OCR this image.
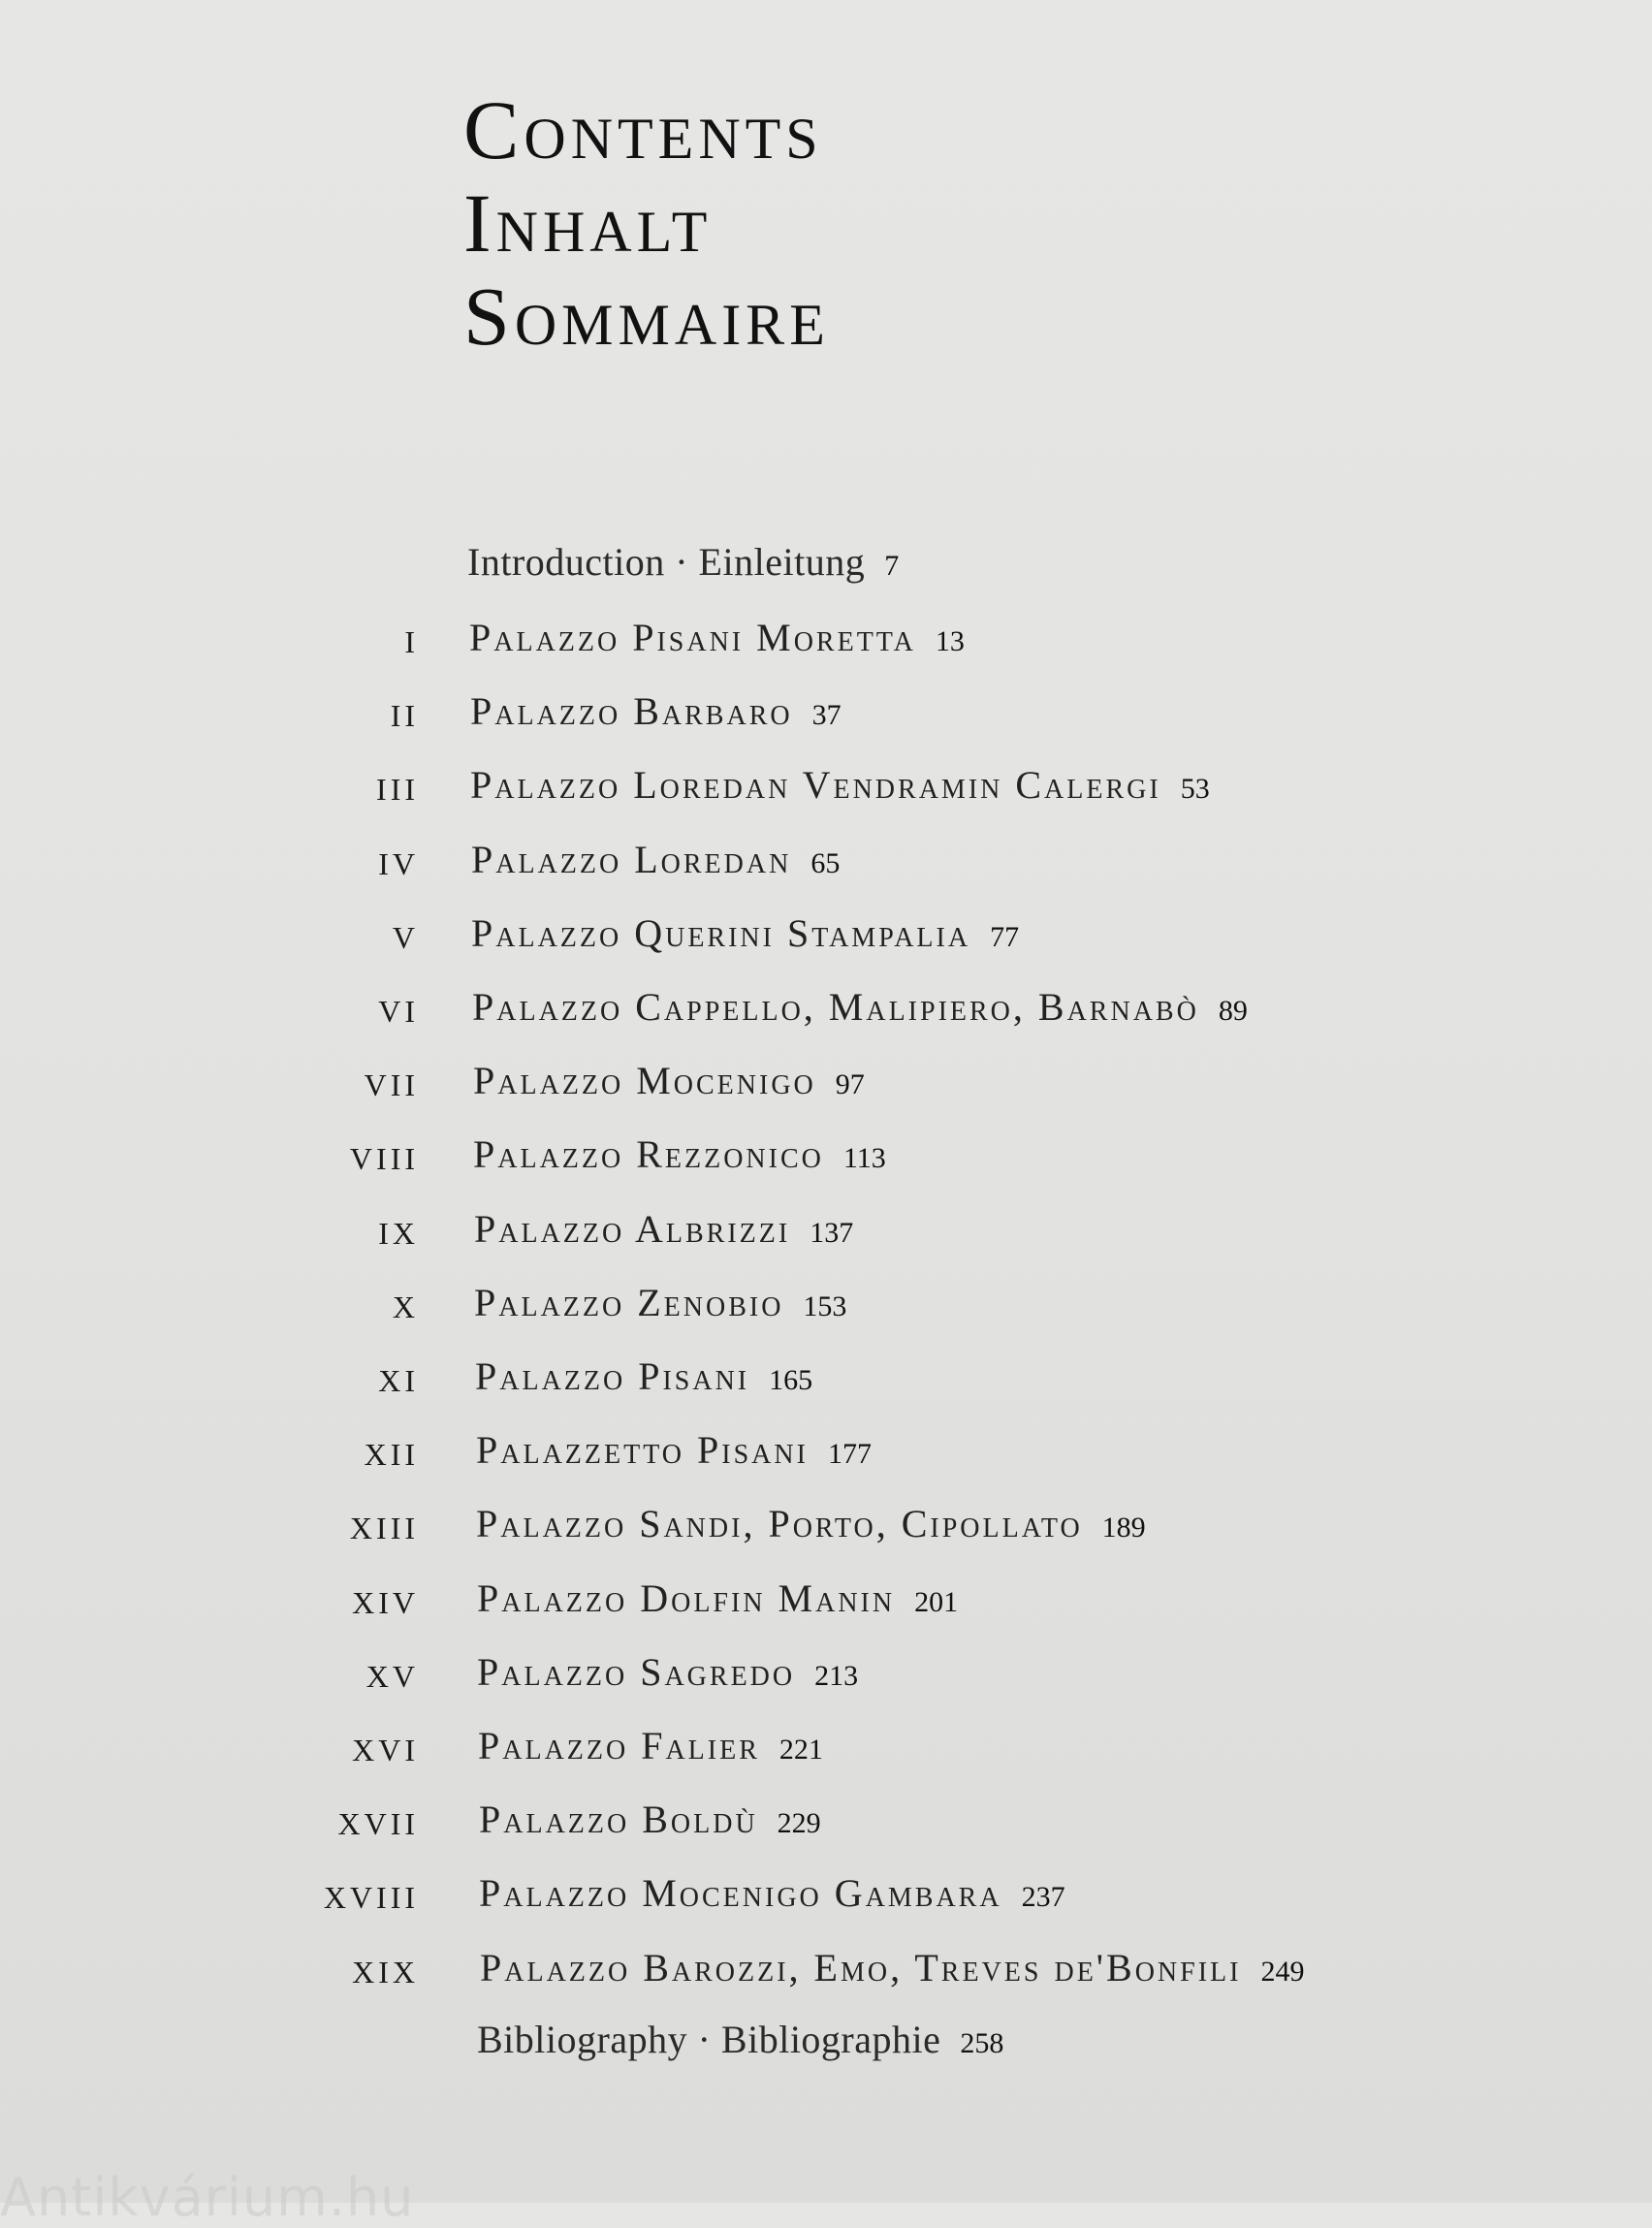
Contents
Inhalt
Sommaire
Introduction · Einleitung 7
I Palazzo Pisani Moretta 13
II Palazzo Barbaro 37
III Palazzo Loredan Vendramin Calergi 53
IV Palazzo Loredan 65
V Palazzo Querini Stampalia 77
VI Palazzo Cappello, Malipiero, Barnabò 89
VII Palazzo Mocenigo 97
VIII Palazzo Rezzonico 113
IX Palazzo Albrizzi 137
X Palazzo Zenobio 153
XI Palazzo Pisani 165
XII Palazzetto Pisani 177
XIII Palazzo Sandi, Porto, Cipollato 189
XIV Palazzo Dolfin Manin 201
XV Palazzo Sagredo 213
XVI Palazzo Falier 221
XVII Palazzo Boldù 229
XVIII Palazzo Mocenigo Gambara 237
XIX Palazzo Barozzi, Emo, Treves de'Bonfili 249
Bibliography · Bibliographie 258
Antikvárium.hu
